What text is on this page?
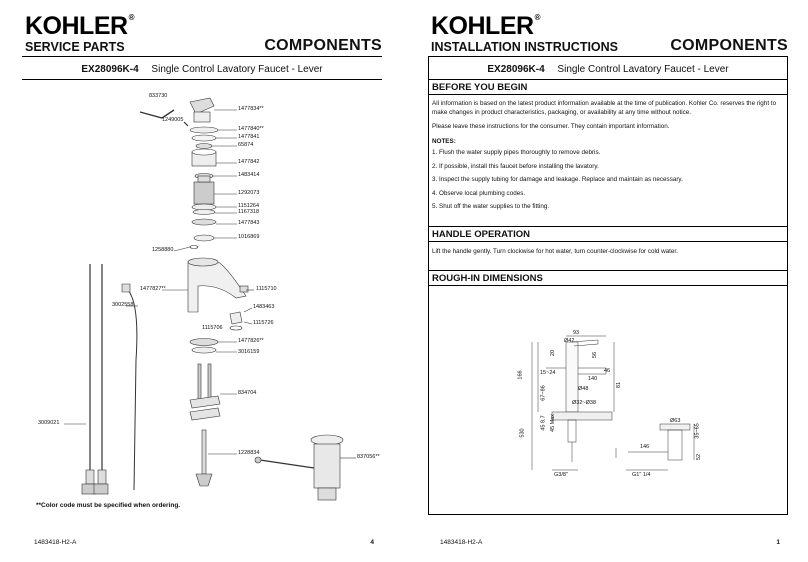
KOHLER®
SERVICE PARTS	COMPONENTS
EX28096K-4 Single Control Lavatory Faucet - Lever
833730
1249005
1477834**
1477840**
1477841
65874
1477842
1483414
1292073
1151264
1167318
1477843
1016869
1258880
1477827**
3002558
1115710
1483463
1115726
1115706
1477826**
3016159
834704
3009021
1228834
837056**
**Color code must be specified when ordering.
1483418-H2-A	4
KOHLER®
INSTALLATION INSTRUCTIONS	COMPONENTS
EX28096K-4 Single Control Lavatory Faucet - Lever
BEFORE YOU BEGIN

All information is based on the latest product information available at the time of publication. Kohler Co. reserves the right to make changes in product characteristics, packaging, or availability at any time without notice.

Please leave these instructions for the consumer. They contain important information.

NOTES:

1. Flush the water supply pipes thoroughly to remove debris.

2. If possible, install this faucet before installing the lavatory.

3. Inspect the supply tubing for damage and leakage. Replace and maintain as necessary.

4. Observe local plumbing codes.

5. Shut off the water supplies to the fitting.

HANDLE OPERATION
Lift the handle gently. Turn clockwise for hot water, turn counter-clockwise for cold water.
ROUGH-IN DIMENSIONS
93
Ø42
20	56
166	15~24
140
46
81
67~86	Ø48
Ø32~Ø38
45 Max
45 8.7
530
Ø63
35~65
146
52
G3/8"	G1" 1/4
1483418-H2-A	1
